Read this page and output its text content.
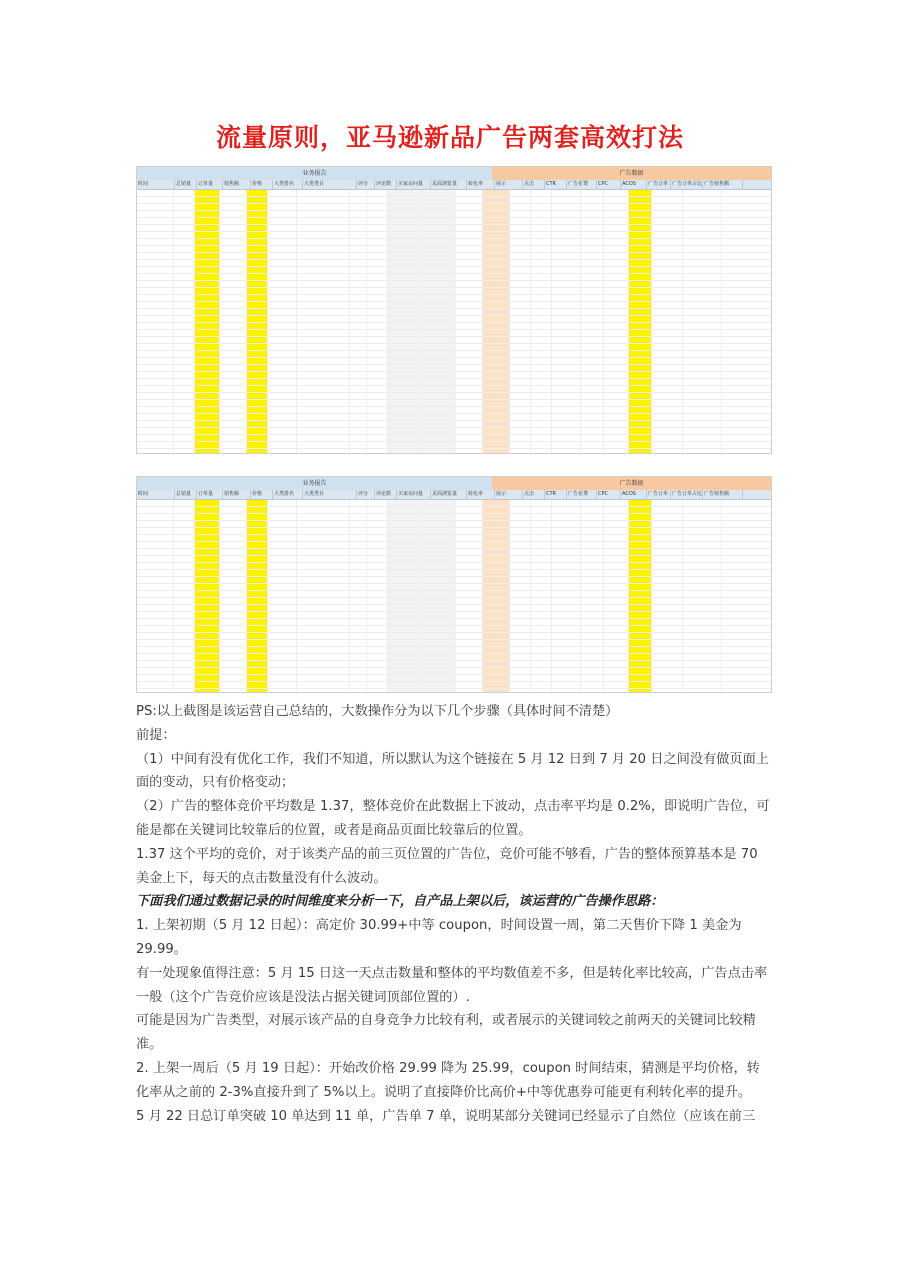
流量原则，亚马逊新品广告两套高效打法
业务报告	广告数据
时间	总销量	订单量	销售额	价格	大类排名	大类类目	评分	评论数	买家访问量	页面浏览量	转化率	展示	点击	CTR	广告花费	CPC	ACOS	广告订单 广告订单占比 广告销售额
业务报告	广告数据
时间	总销量	订单量	销售额	价格	大类排名	大类类目	评分	评论数	买家访问量	页面浏览量	转化率	展示	点击	CTR	广告花费	CPC	ACOS	广告订单 广告订单占比 广告销售额

PS:以上截图是该运营自己总结的，大数操作分为以下几个步骤（具体时间不清楚）

前提：

（1）中间有没有优化工作，我们不知道，所以默认为这个链接在 5 月 12 日到 7 月 20 日之间没有做页面上面的变动，只有价格变动；

（2）广告的整体竞价平均数是 1.37，整体竞价在此数据上下波动，点击率平均是 0.2%，即说明广告位，可能是都在关键词比较靠后的位置，或者是商品页面比较靠后的位置。

1.37 这个平均的竞价，对于该类产品的前三页位置的广告位，竞价可能不够看，广告的整体预算基本是 70 美金上下，每天的点击数量没有什么波动。

下面我们通过数据记录的时间维度来分析一下，自产品上架以后，该运营的广告操作思路：

1. 上架初期（5 月 12 日起）：高定价 30.99+中等 coupon，时间设置一周，第二天售价下降 1 美金为 29.99。

有一处现象值得注意：5 月 15 日这一天点击数量和整体的平均数值差不多，但是转化率比较高，广告点击率一般（这个广告竞价应该是没法占据关键词顶部位置的）.

可能是因为广告类型，对展示该产品的自身竞争力比较有利，或者展示的关键词较之前两天的关键词比较精准。

2. 上架一周后（5 月 19 日起）：开始改价格 29.99 降为 25.99，coupon 时间结束，猜测是平均价格，转化率从之前的 2-3%直接升到了 5%以上。说明了直接降价比高价+中等优惠券可能更有利转化率的提升。

5 月 22 日总订单突破 10 单达到 11 单，广告单 7 单，说明某部分关键词已经显示了自然位（应该在前三
